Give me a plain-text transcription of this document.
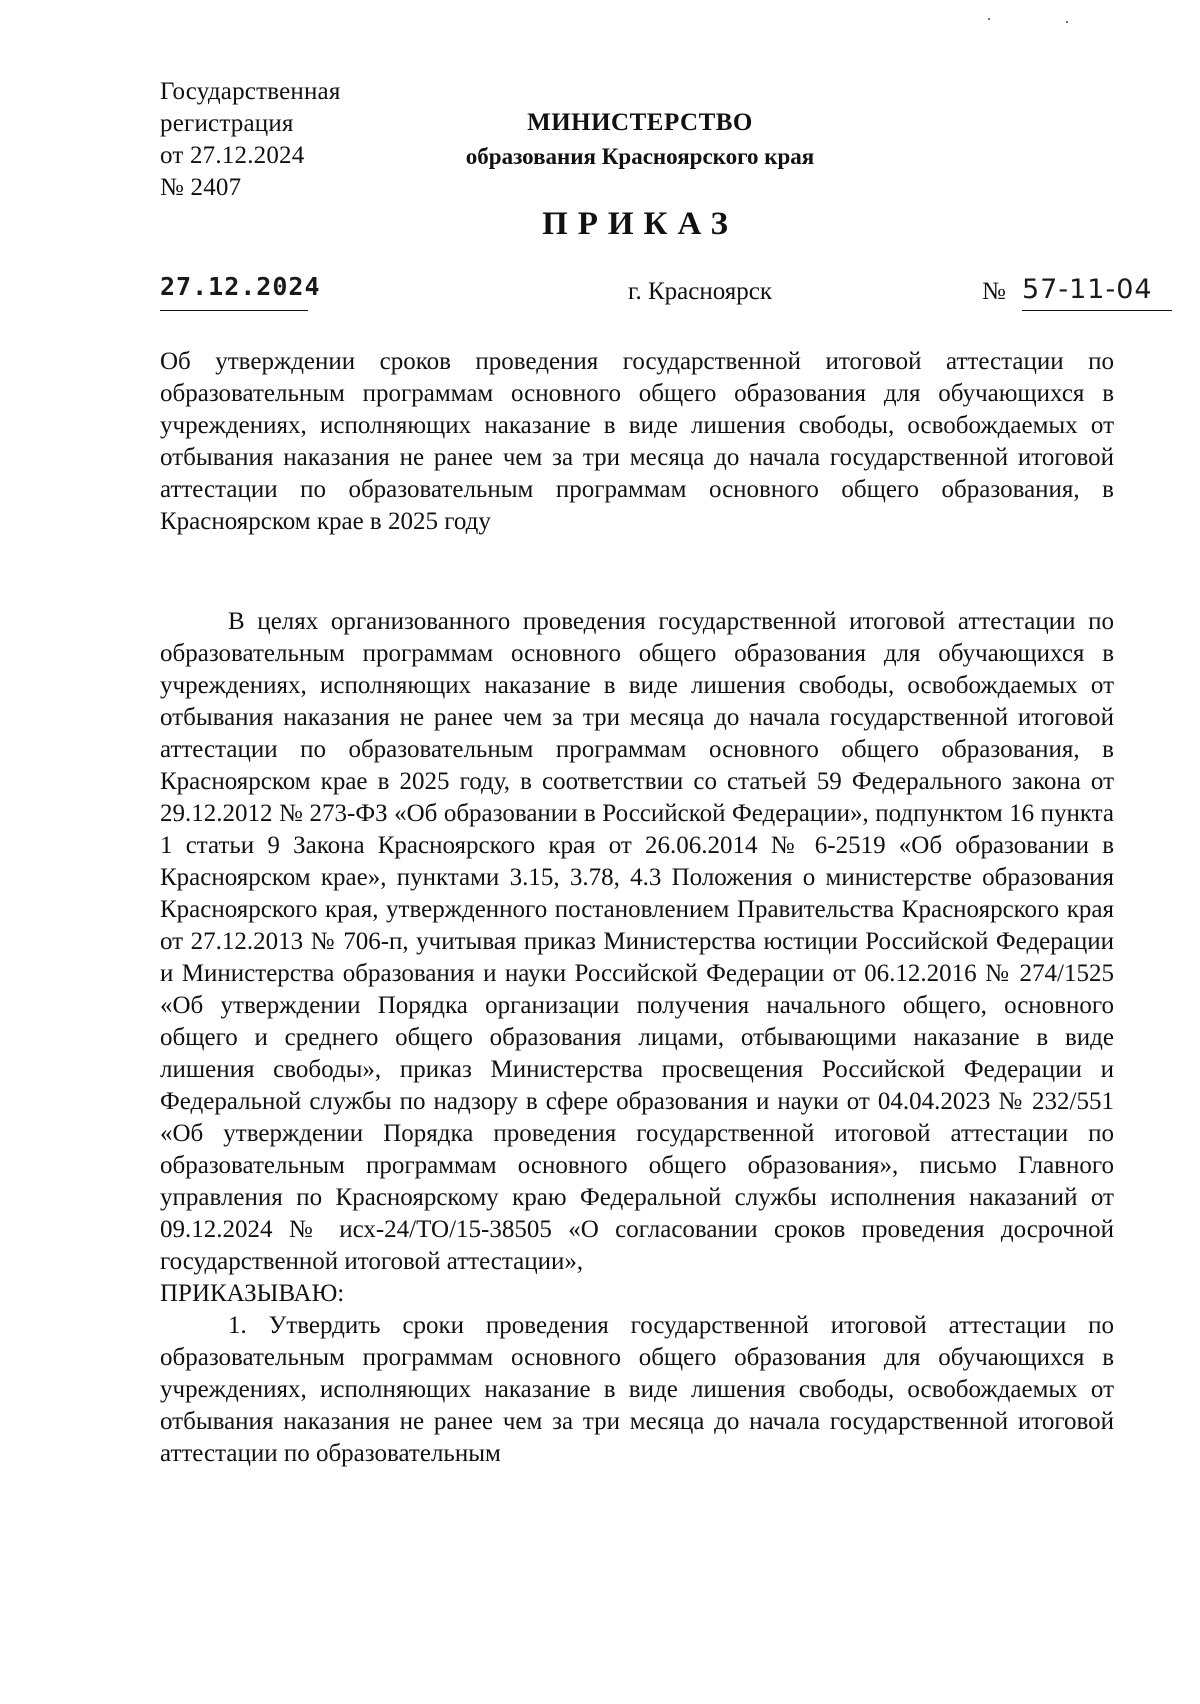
Государственная
регистрация
от 27.12.2024
№ 2407
МИНИСТЕРСТВО
образования Красноярского края
ПРИКАЗ
27.12.2024	г. Красноярск	№ 57-11-04
Об утверждении сроков проведения государственной итоговой аттестации по образовательным программам основного общего образования для обучающихся в учреждениях, исполняющих наказание в виде лишения свободы, освобождаемых от отбывания наказания не ранее чем за три месяца до начала государственной итоговой аттестации по образовательным программам основного общего образования, в Красноярском крае в 2025 году

В целях организованного проведения государственной итоговой аттестации по образовательным программам основного общего образования для обучающихся в учреждениях, исполняющих наказание в виде лишения свободы, освобождаемых от отбывания наказания не ранее чем за три месяца до начала государственной итоговой аттестации по образовательным программам основного общего образования, в Красноярском крае в 2025 году, в соответствии со статьей 59 Федерального закона от 29.12.2012 № 273-ФЗ «Об образовании в Российской Федерации», подпунктом 16 пункта 1 статьи 9 Закона Красноярского края от 26.06.2014 № 6-2519 «Об образовании в Красноярском крае», пунктами 3.15, 3.78, 4.3 Положения о министерстве образования Красноярского края, утвержденного постановлением Правительства Красноярского края от 27.12.2013 № 706-п, учитывая приказ Министерства юстиции Российской Федерации и Министерства образования и науки Российской Федерации от 06.12.2016 № 274/1525 «Об утверждении Порядка организации получения начального общего, основного общего и среднего общего образования лицами, отбывающими наказание в виде лишения свободы», приказ Министерства просвещения Российской Федерации и Федеральной службы по надзору в сфере образования и науки от 04.04.2023 № 232/551 «Об утверждении Порядка проведения государственной итоговой аттестации по образовательным программам основного общего образования», письмо Главного управления по Красноярскому краю Федеральной службы исполнения наказаний от 09.12.2024 № исх-24/ТО/15-38505 «О согласовании сроков проведения досрочной государственной итоговой аттестации»,

ПРИКАЗЫВАЮ:

1. Утвердить сроки проведения государственной итоговой аттестации по образовательным программам основного общего образования для обучающихся в учреждениях, исполняющих наказание в виде лишения свободы, освобождаемых от отбывания наказания не ранее чем за три месяца до начала государственной итоговой аттестации по образовательным
